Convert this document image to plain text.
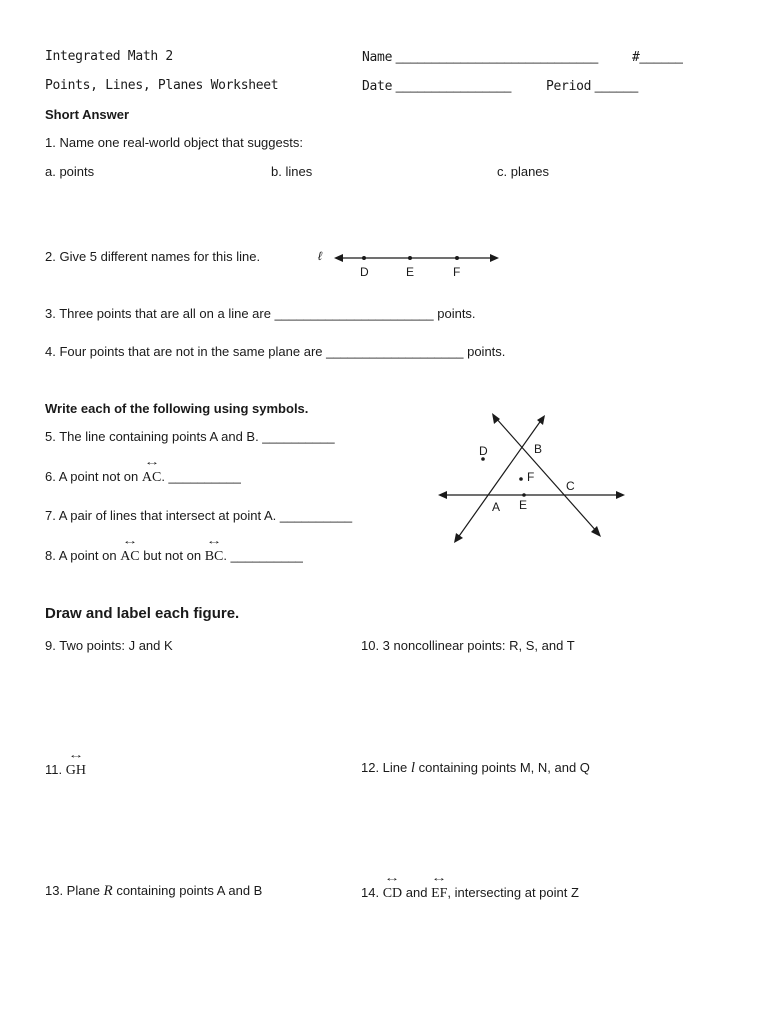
Integrated Math 2
Points, Lines, Planes Worksheet
Name ____________________________	#______
Date ________________	Period ______
Short Answer
1. Name one real-world object that suggests:
a. points	b. lines	c. planes
2. Give 5 different names for this line.	ℓ
D	E	F
3. Three points that are all on a line are ______________________ points.
4. Four points that are not in the same plane are ___________________ points.
Write each of the following using symbols.
5. The line containing points A and B. __________
6. A point not on ↔ AC. __________
7. A pair of lines that intersect at point A. __________
8. A point on ↔ AC but not on ↔ BC. __________
D	B
F
C
A E
Draw and label each figure.
9. Two points: J and K	10. 3 noncollinear points: R, S, and T
11. ↔ GH	12. Line l containing points M, N, and Q
13. Plane R containing points A and B	14. ↔ CD and ↔ EF, intersecting at point Z
